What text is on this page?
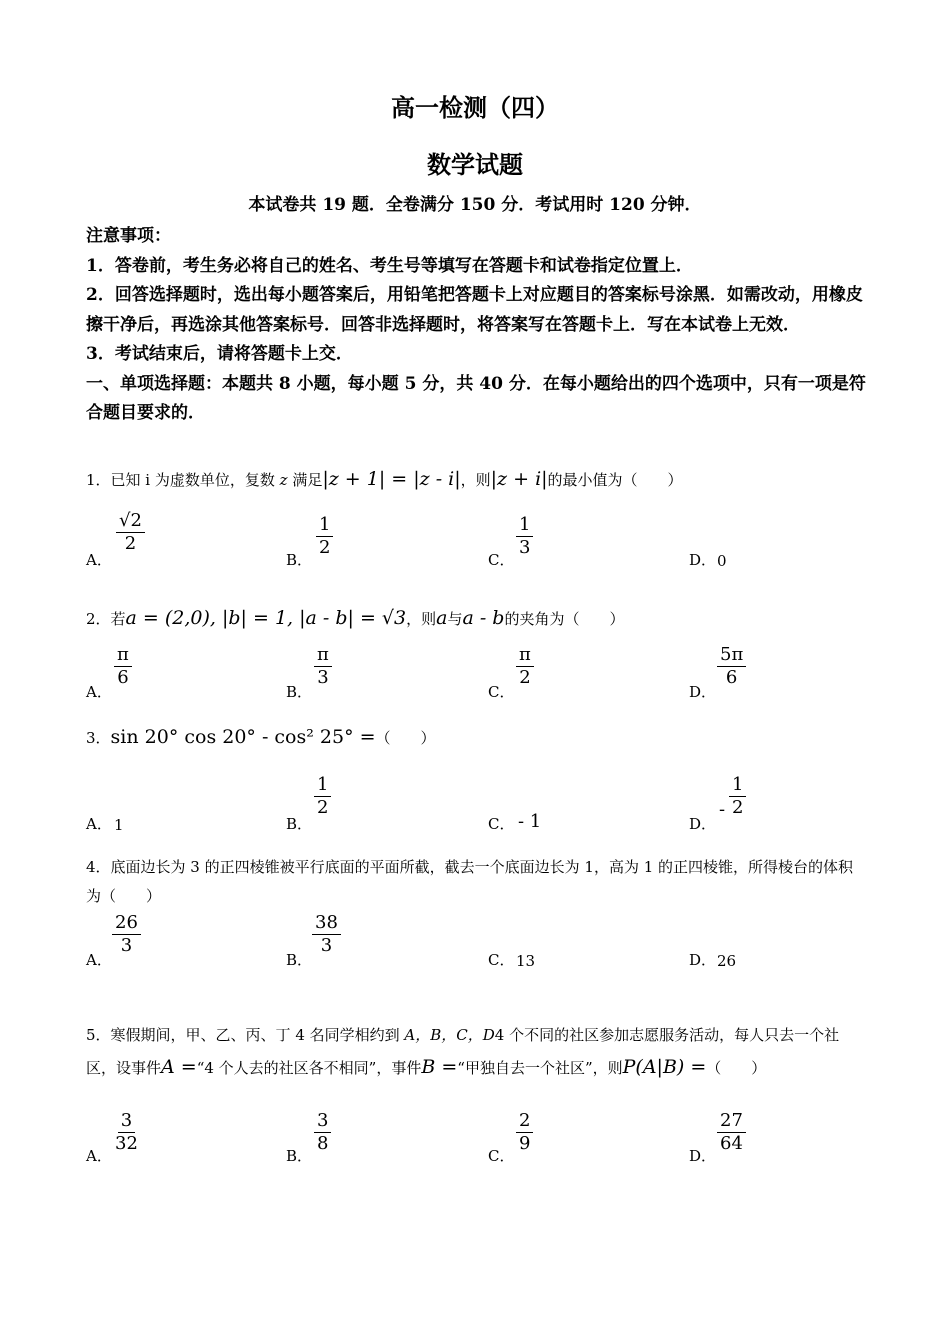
高一检测（四）
数学试题
本试卷共 19 题．全卷满分 150 分．考试用时 120 分钟．

注意事项：

1．答卷前，考生务必将自己的姓名、考生号等填写在答题卡和试卷指定位置上．

2．回答选择题时，选出每小题答案后，用铅笔把答题卡上对应题目的答案标号涂黑．如需改动，用橡皮擦干净后，再选涂其他答案标号．回答非选择题时，将答案写在答题卡上．写在本试卷上无效．

3．考试结束后，请将答题卡上交．

一、单项选择题：本题共 8 小题，每小题 5 分，共 40 分．在每小题给出的四个选项中，只有一项是符合题目要求的．

1．已知 i 为虚数单位，复数 z 满足|z + 1| = |z - i|，则|z + i|的最小值为（　　）
A．
$\frac{√2}{2}$
B．
$\frac{1}{2}$
C．
$\frac{1}{3}$
D． 0
2．若a = (2,0), |b| = 1, |a - b| = √3，则a与a - b的夹角为（　　）
A．
$\frac{\pi}{6}$
B．
$\frac{\pi}{3}$
C．
$\frac{\pi}{2}$
D．
$\frac{5\pi}{6}$
3．sin 20° cos 20° - cos² 25° =（　　）
A． 1	B．
$\frac{1}{2}$
C． - 1	D．
- $\frac{1}{2}$
4．底面边长为 3 的正四棱锥被平行底面的平面所截，截去一个底面边长为 1，高为 1 的正四棱锥，所得棱台的体积为（　　）
A．
$\frac{26}{3}$
B．
$\frac{38}{3}$
C． 13	D． 26
5．寒假期间，甲、乙、丙、丁 4 名同学相约到 A，B，C，D4 个不同的社区参加志愿服务活动，每人只去一个社区，设事件A =“4 个人去的社区各不相同”，事件B =“甲独自去一个社区”，则P(A|B) =（　　）
A．
$\frac{3}{32}$
B．
$\frac{3}{8}$
C．
$\frac{2}{9}$
D．
$\frac{27}{64}$
